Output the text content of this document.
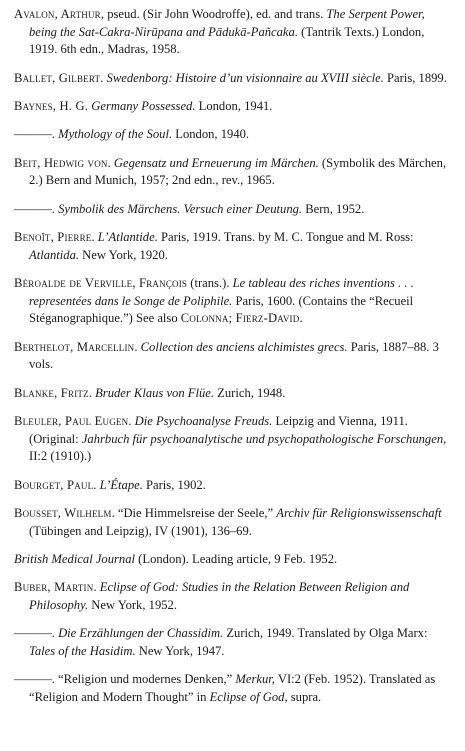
Avalon, Arthur, pseud. (Sir John Woodroffe), ed. and trans. The Serpent Power, being the Sat-Cakra-Nirūpana and Pādukā-Pañcaka. (Tantrik Texts.) London, 1919. 6th edn., Madras, 1958.

Ballet, Gilbert. Swedenborg: Histoire d’un visionnaire au XVIII siècle. Paris, 1899.

Baynes, H. G. Germany Possessed. London, 1941.

———. Mythology of the Soul. London, 1940.

Beit, Hedwig von. Gegensatz und Erneuerung im Märchen. (Symbolik des Märchen, 2.) Bern and Munich, 1957; 2nd edn., rev., 1965.

———. Symbolik des Märchens. Versuch einer Deutung. Bern, 1952.

Benoît, Pierre. L’Atlantide. Paris, 1919. Trans. by M. C. Tongue and M. Ross: Atlantida. New York, 1920.

Béroalde de Verville, François (trans.). Le tableau des riches inventions . . . representées dans le Songe de Poliphile. Paris, 1600. (Contains the “Recueil Stéganographique.”) See also Colonna; Fierz-David.

Berthelot, Marcellin. Collection des anciens alchimistes grecs. Paris, 1887–88. 3 vols.

Blanke, Fritz. Bruder Klaus von Flüe. Zurich, 1948.

Bleuler, Paul Eugen. Die Psychoanalyse Freuds. Leipzig and Vienna, 1911. (Original: Jahrbuch für psychoanalytische und psychopathologische Forschungen, II:2 (1910).)

Bourget, Paul. L’Étape. Paris, 1902.

Bousset, Wilhelm. “Die Himmelsreise der Seele,” Archiv für Religionswissenschaft (Tübingen and Leipzig), IV (1901), 136–69.

British Medical Journal (London). Leading article, 9 Feb. 1952.

Buber, Martin. Eclipse of God: Studies in the Relation Between Religion and Philosophy. New York, 1952.

———. Die Erzählungen der Chassidim. Zurich, 1949. Translated by Olga Marx: Tales of the Hasidim. New York, 1947.

———. “Religion und modernes Denken,” Merkur, VI:2 (Feb. 1952). Translated as “Religion and Modern Thought” in Eclipse of God, supra.
